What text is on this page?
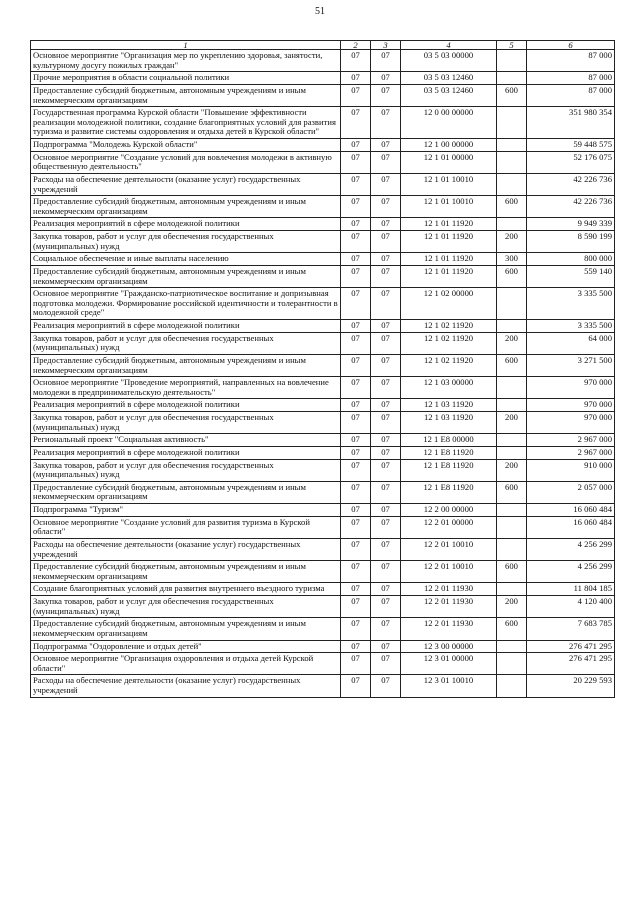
51
1	2	3	4	5	6
Основное мероприятие "Организация мер по укреплению здоровья, занятости, культурному досугу пожилых граждан"	07	07	03 5 03 00000		87 000
Прочие мероприятия в области социальной политики	07	07	03 5 03 12460		87 000
Предоставление субсидий бюджетным, автономным учреждениям и иным некоммерческим организациям	07	07	03 5 03 12460	600	87 000
Государственная программа Курской области "Повышение эффективности реализации молодежной политики, создание благоприятных условий для развития туризма и развитие системы оздоровления и отдыха детей в Курской области"	07	07	12 0 00 00000		351 980 354
Подпрограмма "Молодежь Курской области"	07	07	12 1 00 00000		59 448 575
Основное мероприятие "Создание условий для вовлечения молодежи в активную общественную деятельность"	07	07	12 1 01 00000		52 176 075
Расходы на обеспечение деятельности (оказание услуг) государственных учреждений	07	07	12 1 01 10010		42 226 736
Предоставление субсидий бюджетным, автономным учреждениям и иным некоммерческим организациям	07	07	12 1 01 10010	600	42 226 736
Реализация мероприятий в сфере молодежной политики	07	07	12 1 01 11920		9 949 339
Закупка товаров, работ и услуг для обеспечения государственных (муниципальных) нужд	07	07	12 1 01 11920	200	8 590 199
Социальное обеспечение и иные выплаты населению	07	07	12 1 01 11920	300	800 000
Предоставление субсидий бюджетным, автономным учреждениям и иным некоммерческим организациям	07	07	12 1 01 11920	600	559 140
Основное мероприятие "Гражданско-патриотическое воспитание и допризывная подготовка молодежи. Формирование российской идентичности и толерантности в молодежной среде"	07	07	12 1 02 00000		3 335 500
Реализация мероприятий в сфере молодежной политики	07	07	12 1 02 11920		3 335 500
Закупка товаров, работ и услуг для обеспечения государственных (муниципальных) нужд	07	07	12 1 02 11920	200	64 000
Предоставление субсидий бюджетным, автономным учреждениям и иным некоммерческим организациям	07	07	12 1 02 11920	600	3 271 500
Основное мероприятие "Проведение мероприятий, направленных на вовлечение молодежи в предпринимательскую деятельность"	07	07	12 1 03 00000		970 000
Реализация мероприятий в сфере молодежной политики	07	07	12 1 03 11920		970 000
Закупка товаров, работ и услуг для обеспечения государственных (муниципальных) нужд	07	07	12 1 03 11920	200	970 000
Региональный проект "Социальная активность"	07	07	12 1 E8 00000		2 967 000
Реализация мероприятий в сфере молодежной политики	07	07	12 1 E8 11920		2 967 000
Закупка товаров, работ и услуг для обеспечения государственных (муниципальных) нужд	07	07	12 1 E8 11920	200	910 000
Предоставление субсидий бюджетным, автономным учреждениям и иным некоммерческим организациям	07	07	12 1 E8 11920	600	2 057 000
Подпрограмма "Туризм"	07	07	12 2 00 00000		16 060 484
Основное мероприятие "Создание условий для развития туризма в Курской области"	07	07	12 2 01 00000		16 060 484
Расходы на обеспечение деятельности (оказание услуг) государственных учреждений	07	07	12 2 01 10010		4 256 299
Предоставление субсидий бюджетным, автономным учреждениям и иным некоммерческим организациям	07	07	12 2 01 10010	600	4 256 299
Создание благоприятных условий для развития внутреннего въездного туризма	07	07	12 2 01 11930		11 804 185
Закупка товаров, работ и услуг для обеспечения государственных (муниципальных) нужд	07	07	12 2 01 11930	200	4 120 400
Предоставление субсидий бюджетным, автономным учреждениям и иным некоммерческим организациям	07	07	12 2 01 11930	600	7 683 785
Подпрограмма "Оздоровление и отдых детей"	07	07	12 3 00 00000		276 471 295
Основное мероприятие "Организация оздоровления и отдыха детей Курской области"	07	07	12 3 01 00000		276 471 295
Расходы на обеспечение деятельности (оказание услуг) государственных учреждений	07	07	12 3 01 10010		20 229 593
